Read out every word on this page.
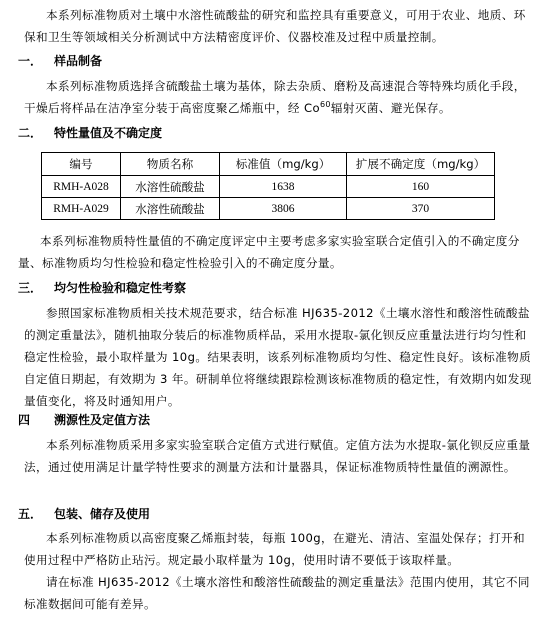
本系列标准物质对土壤中水溶性硫酸盐的研究和监控具有重要意义，可用于农业、地质、环保和卫生等领域相关分析测试中方法精密度评价、仪器校准及过程中质量控制。

一． 样品制备

本系列标准物质选择含硫酸盐土壤为基体，除去杂质、磨粉及高速混合等特殊均质化手段，干燥后将样品在洁净室分装于高密度聚乙烯瓶中，经 Co$^{60}$辐射灭菌、避光保存。

二． 特性量值及不确定度
编号	物质名称	标准值（mg/kg）	扩展不确定度（mg/kg）
RMH-A028	水溶性硫酸盐	1638	160
RMH-A029	水溶性硫酸盐	3806	370

本系列标准物质特性量值的不确定度评定中主要考虑多家实验室联合定值引入的不确定度分量、标准物质均匀性检验和稳定性检验引入的不确定度分量。

三． 均匀性检验和稳定性考察

参照国家标准物质相关技术规范要求，结合标准 HJ635-2012《土壤水溶性和酸溶性硫酸盐的测定重量法》，随机抽取分装后的标准物质样品，采用水提取-氯化钡反应重量法进行均匀性和稳定性检验，最小取样量为 10g。结果表明，该系列标准物质均匀性、稳定性良好。该标准物质自定值日期起，有效期为 3 年。研制单位将继续跟踪检测该标准物质的稳定性，有效期内如发现量值变化，将及时通知用户。

四 溯源性及定值方法

本系列标准物质采用多家实验室联合定值方式进行赋值。定值方法为水提取-氯化钡反应重量法，通过使用满足计量学特性要求的测量方法和计量器具，保证标准物质特性量值的溯源性。

五． 包装、储存及使用

本系列标准物质以高密度聚乙烯瓶封装，每瓶 100g，在避光、清洁、室温处保存；打开和使用过程中严格防止玷污。规定最小取样量为 10g，使用时请不要低于该取样量。

请在标准 HJ635-2012《土壤水溶性和酸溶性硫酸盐的测定重量法》范围内使用，其它不同标准数据间可能有差异。
